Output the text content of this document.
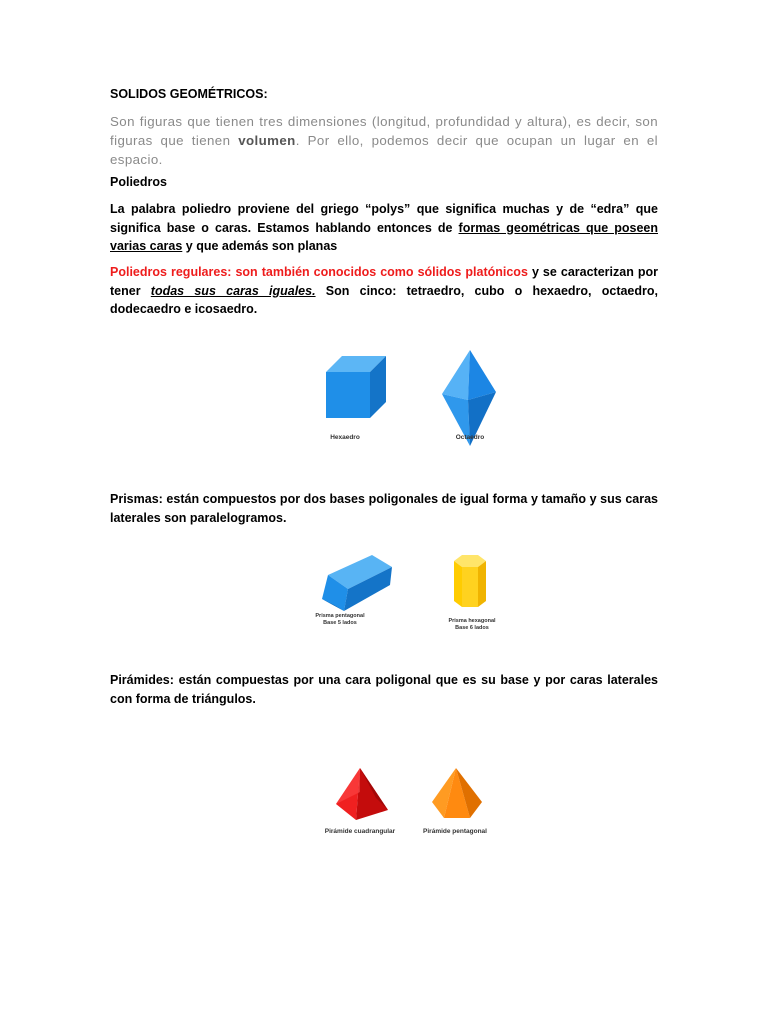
SOLIDOS GEOMÉTRICOS:
Son figuras que tienen tres dimensiones (longitud, profundidad y altura), es decir, son figuras que tienen volumen. Por ello, podemos decir que ocupan un lugar en el espacio.
Poliedros
La palabra poliedro proviene del griego “polys” que significa muchas y de “edra” que significa base o caras. Estamos hablando entonces de formas geométricas que poseen varias caras y que además son planas
Poliedros regulares: son también conocidos como sólidos platónicos y se caracterizan por tener todas sus caras iguales. Son cinco: tetraedro, cubo o hexaedro, octaedro, dodecaedro e icosaedro.
Hexaedro	Octaedro
Prismas: están compuestos por dos bases poligonales de igual forma y tamaño y sus caras laterales son paralelogramos.
Prisma pentagonal
Base 5 lados	Prisma hexagonal
Base 6 lados
Pirámides: están compuestas por una cara poligonal que es su base y por caras laterales con forma de triángulos.
Pirámide cuadrangular	Pirámide pentagonal
